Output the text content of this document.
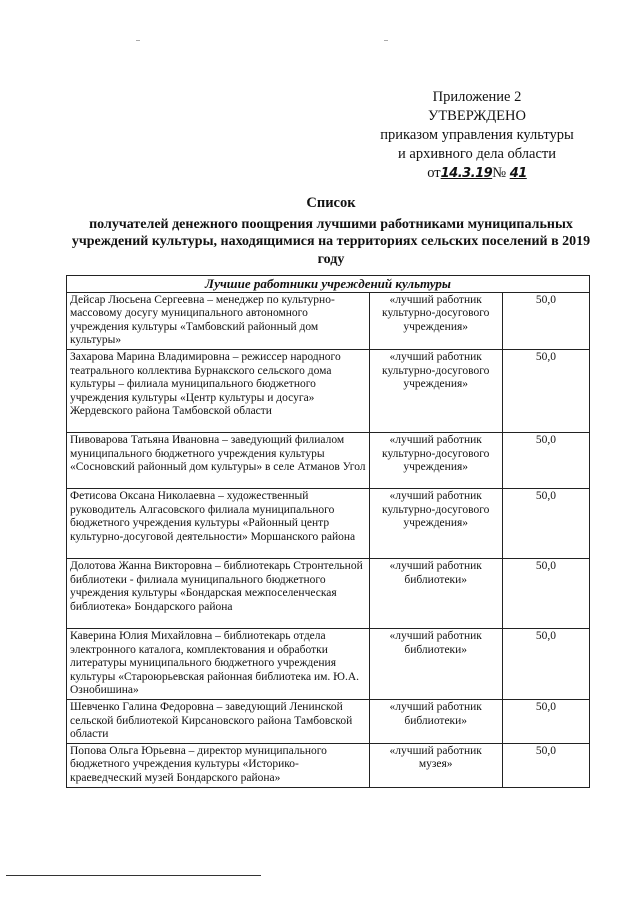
Приложение 2
УТВЕРЖДЕНО
приказом управления культуры
и архивного дела области
от14.3.19№ 41
Список
получателей денежного поощрения лучшими работниками муниципальных учреждений культуры, находящимися на территориях сельских поселений в 2019 году
Лучшие работники учреждений культуры		
Дейсар Люсьена Сергеевна – менеджер по культурно-массовому досугу муниципального автономного учреждения культуры «Тамбовский районный дом культуры»	«лучший работник культурно-досугового учреждения»	50,0
Захарова Марина Владимировна – режиссер народного театрального коллектива Бурнакского сельского дома культуры – филиала муниципального бюджетного учреждения культуры «Центр культуры и досуга» Жердевского района Тамбовской области	«лучший работник культурно-досугового учреждения»	50,0
Пивоварова Татьяна Ивановна – заведующий филиалом муниципального бюджетного учреждения культуры «Сосновский районный дом культуры» в селе Атманов Угол	«лучший работник культурно-досугового учреждения»	50,0
Фетисова Оксана Николаевна – художественный руководитель Алгасовского филиала муниципального бюджетного учреждения культуры «Районный центр культурно-досуговой деятельности» Моршанского района	«лучший работник культурно-досугового учреждения»	50,0
Долотова Жанна Викторовна – библиотекарь Стронтельной библиотеки - филиала муниципального бюджетного учреждения культуры «Бондарская межпоселенческая библиотека» Бондарского района	«лучший работник библиотеки»	50,0
Каверина Юлия Михайловна – библиотекарь отдела электронного каталога, комплектования и обработки литературы муниципального бюджетного учреждения культуры «Староюрьевская районная библиотека им. Ю.А. Ознобишина»	«лучший работник библиотеки»	50,0
Шевченко Галина Федоровна – заведующий Ленинской сельской библиотекой Кирсановского района Тамбовской области	«лучший работник библиотеки»	50,0
Попова Ольга Юрьевна – директор муниципального бюджетного учреждения культуры «Историко-краеведческий музей Бондарского района»	«лучший работник музея»	50,0
